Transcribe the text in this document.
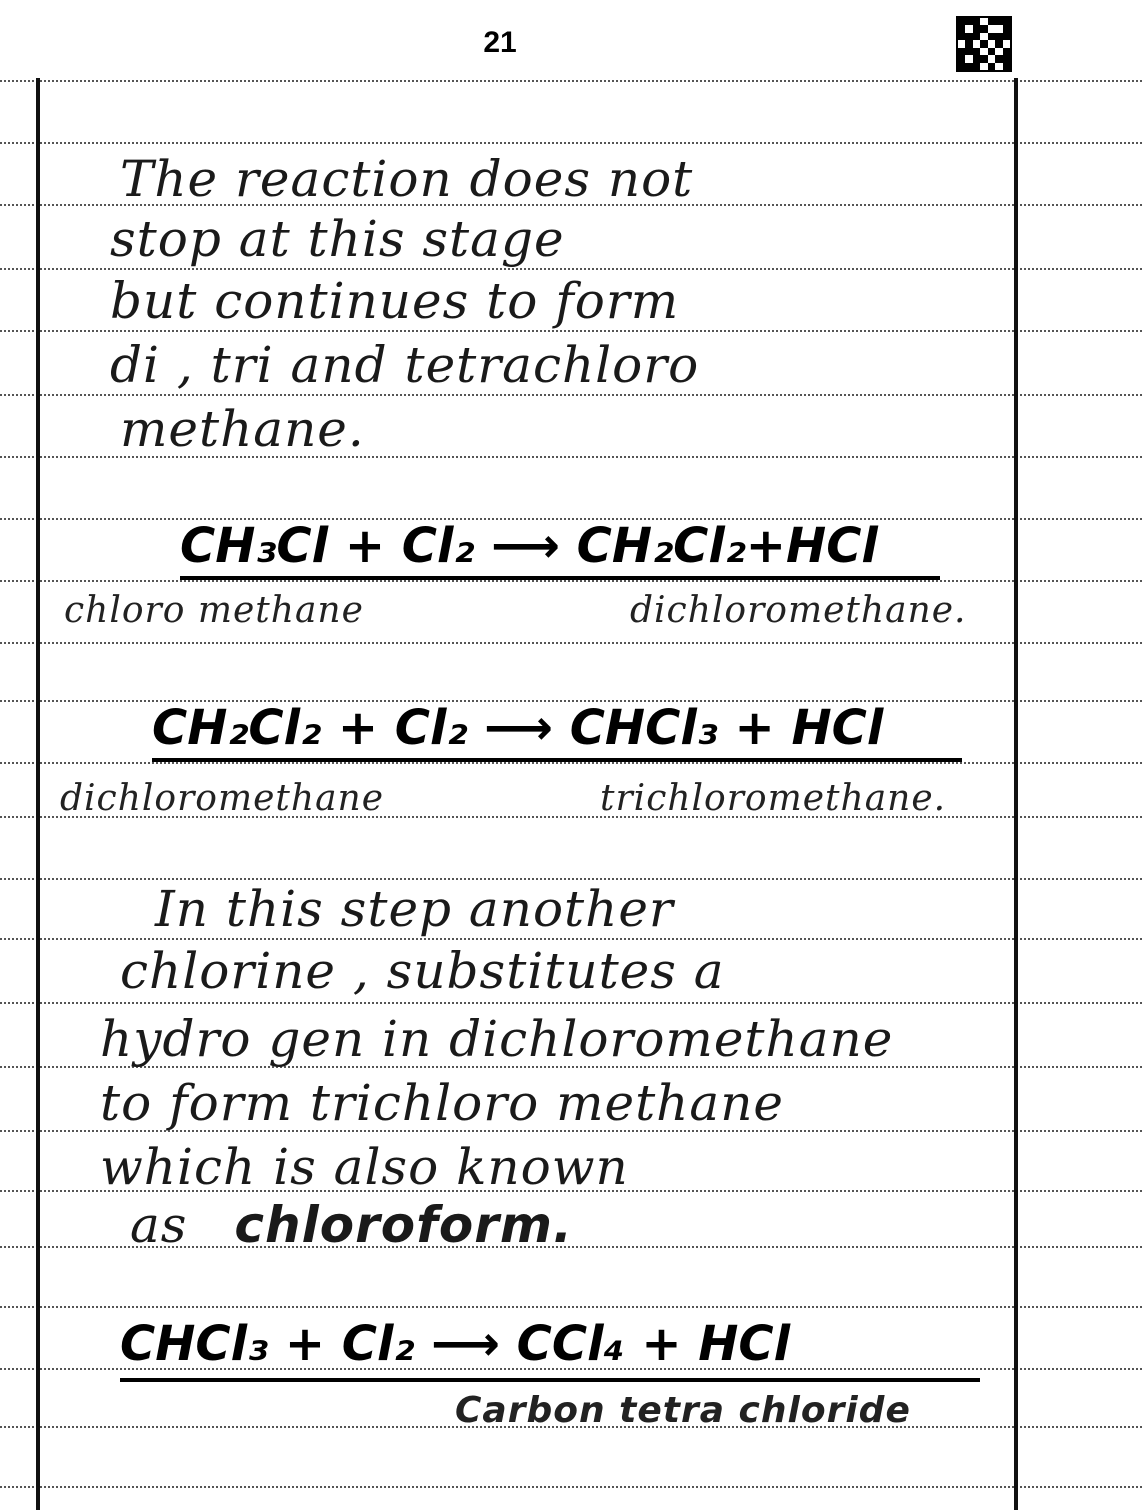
21
The reaction does not
stop at this stage
but continues to form
di , tri and tetrachloro
methane.
CH₃Cl + Cl₂ ⟶ CH₂Cl₂+HCl
chloro methane	dichloromethane.
CH₂Cl₂ + Cl₂ ⟶ CHCl₃ + HCl
dichloromethane	trichloromethane.
In this step another
chlorine , substitutes a
hydro gen in dichloromethane
to form trichloro methane
which is also known
as chloroform.
CHCl₃ + Cl₂ ⟶ CCl₄ + HCl
Carbon tetra chloride
